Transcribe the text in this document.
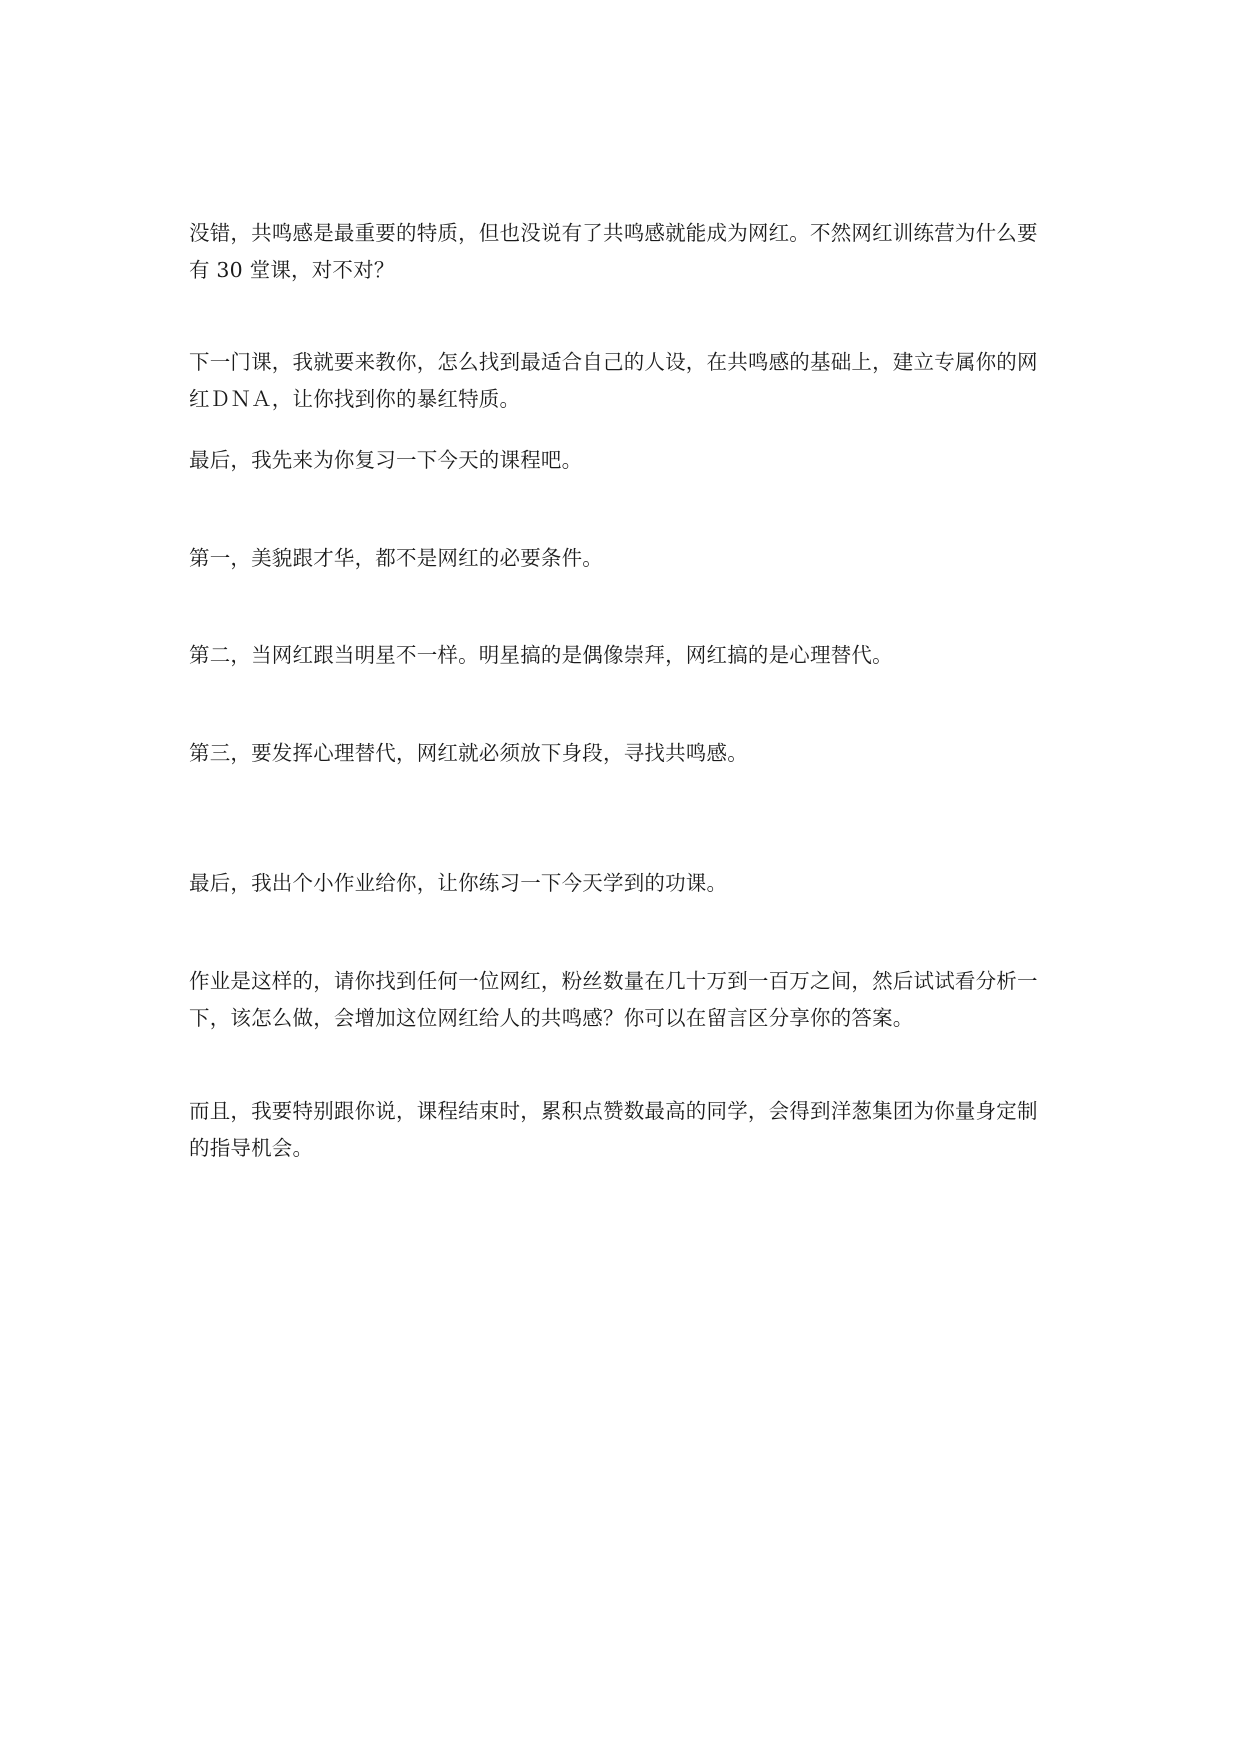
没错，共鸣感是最重要的特质，但也没说有了共鸣感就能成为网红。不然网红训练营为什么要有 30 堂课，对不对？

下一门课，我就要来教你，怎么找到最适合自己的人设，在共鸣感的基础上，建立专属你的网红ＤＮＡ，让你找到你的暴红特质。

最后，我先来为你复习一下今天的课程吧。

第一，美貌跟才华，都不是网红的必要条件。

第二，当网红跟当明星不一样。明星搞的是偶像崇拜，网红搞的是心理替代。

第三，要发挥心理替代，网红就必须放下身段，寻找共鸣感。

最后，我出个小作业给你，让你练习一下今天学到的功课。

作业是这样的，请你找到任何一位网红，粉丝数量在几十万到一百万之间，然后试试看分析一下，该怎么做，会增加这位网红给人的共鸣感？你可以在留言区分享你的答案。

而且，我要特别跟你说，课程结束时，累积点赞数最高的同学，会得到洋葱集团为你量身定制的指导机会。
